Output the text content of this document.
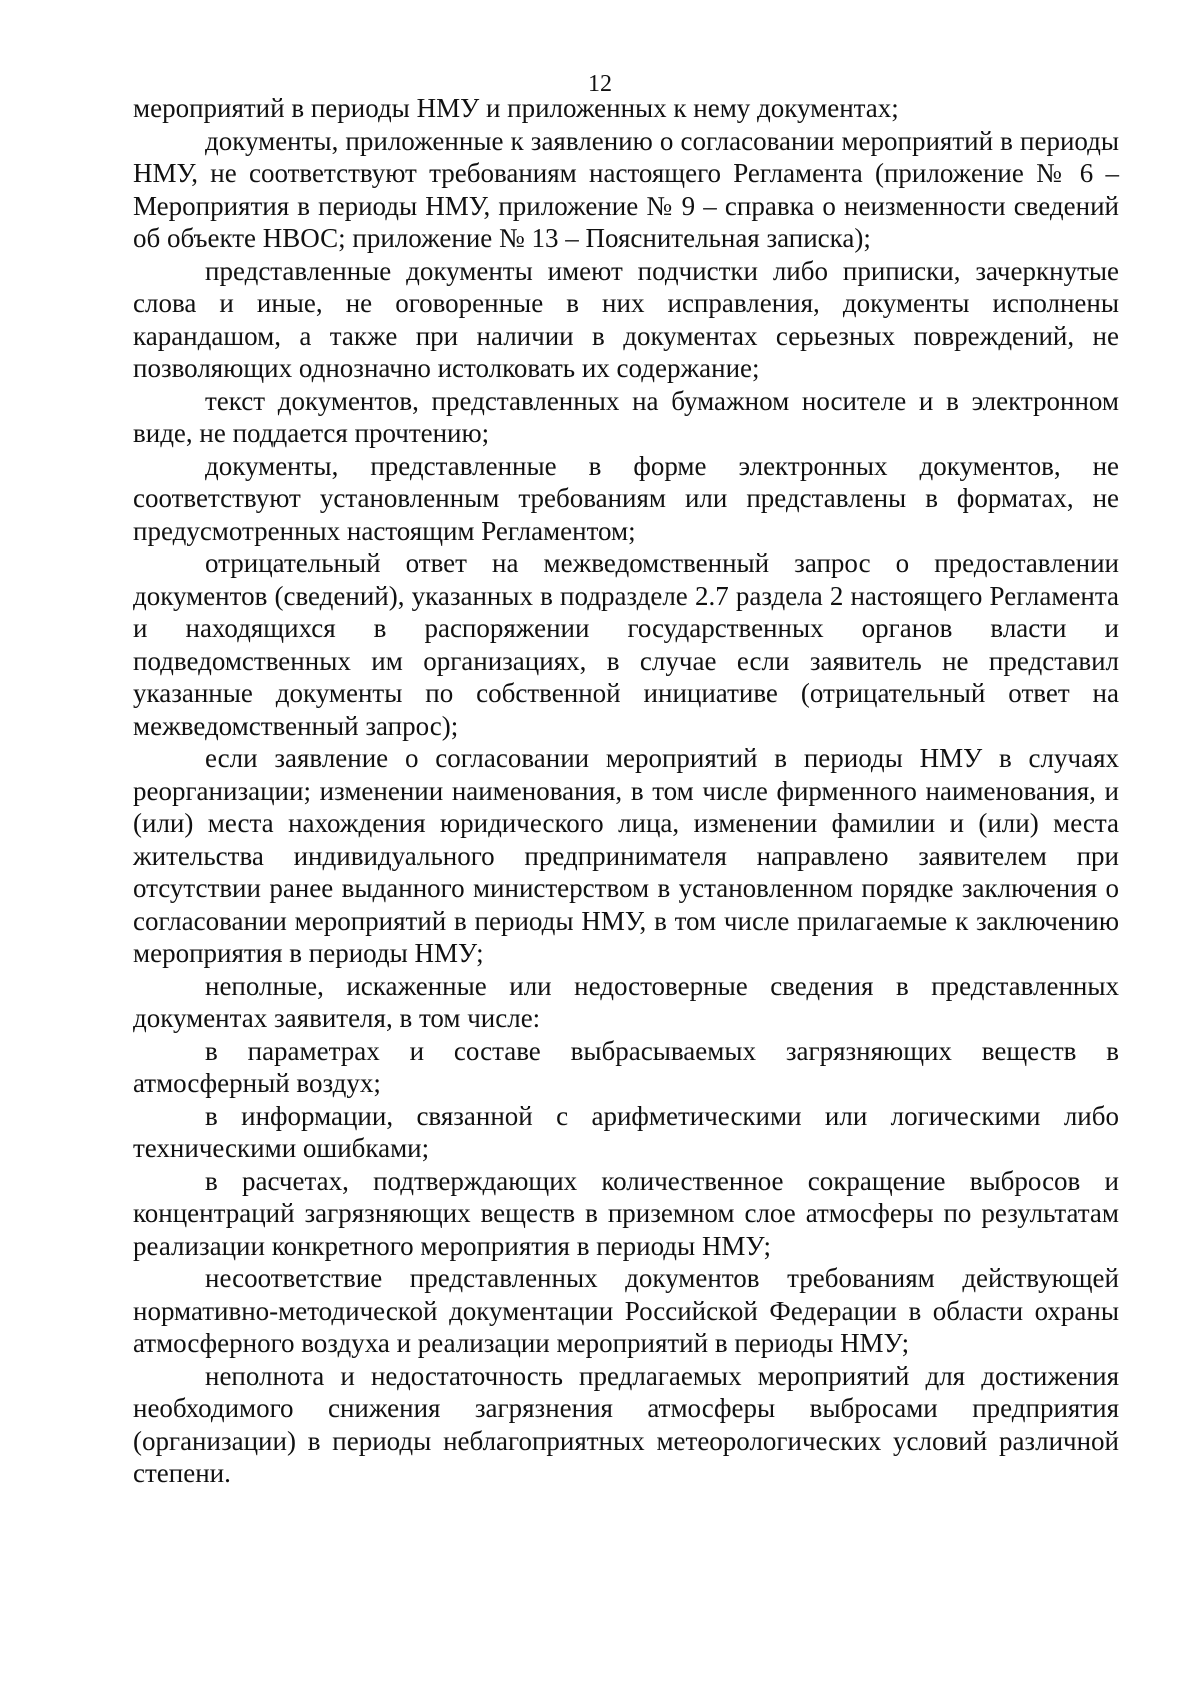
12

мероприятий в периоды НМУ и приложенных к нему документах;

документы, приложенные к заявлению о согласовании мероприятий в периоды НМУ, не соответствуют требованиям настоящего Регламента (приложение № 6 – Мероприятия в периоды НМУ, приложение № 9 – справка о неизменности сведений об объекте НВОС; приложение № 13 – Пояснительная записка);

представленные документы имеют подчистки либо приписки, зачеркнутые слова и иные, не оговоренные в них исправления, документы исполнены карандашом, а также при наличии в документах серьезных повреждений, не позволяющих однозначно истолковать их содержание;

текст документов, представленных на бумажном носителе и в электронном виде, не поддается прочтению;

документы, представленные в форме электронных документов, не соответствуют установленным требованиям или представлены в форматах, не предусмотренных настоящим Регламентом;

отрицательный ответ на межведомственный запрос о предоставлении документов (сведений), указанных в подразделе 2.7 раздела 2 настоящего Регламента и находящихся в распоряжении государственных органов власти и подведомственных им организациях, в случае если заявитель не представил указанные документы по собственной инициативе (отрицательный ответ на межведомственный запрос);

если заявление о согласовании мероприятий в периоды НМУ в случаях реорганизации; изменении наименования, в том числе фирменного наименования, и (или) места нахождения юридического лица, изменении фамилии и (или) места жительства индивидуального предпринимателя направлено заявителем при отсутствии ранее выданного министерством в установленном порядке заключения о согласовании мероприятий в периоды НМУ, в том числе прилагаемые к заключению мероприятия в периоды НМУ;

неполные, искаженные или недостоверные сведения в представленных документах заявителя, в том числе:

в параметрах и составе выбрасываемых загрязняющих веществ в атмосферный воздух;

в информации, связанной с арифметическими или логическими либо техническими ошибками;

в расчетах, подтверждающих количественное сокращение выбросов и концентраций загрязняющих веществ в приземном слое атмосферы по результатам реализации конкретного мероприятия в периоды НМУ;

несоответствие представленных документов требованиям действующей нормативно-методической документации Российской Федерации в области охраны атмосферного воздуха и реализации мероприятий в периоды НМУ;

неполнота и недостаточность предлагаемых мероприятий для достижения необходимого снижения загрязнения атмосферы выбросами предприятия (организации) в периоды неблагоприятных метеорологических условий различной степени.
